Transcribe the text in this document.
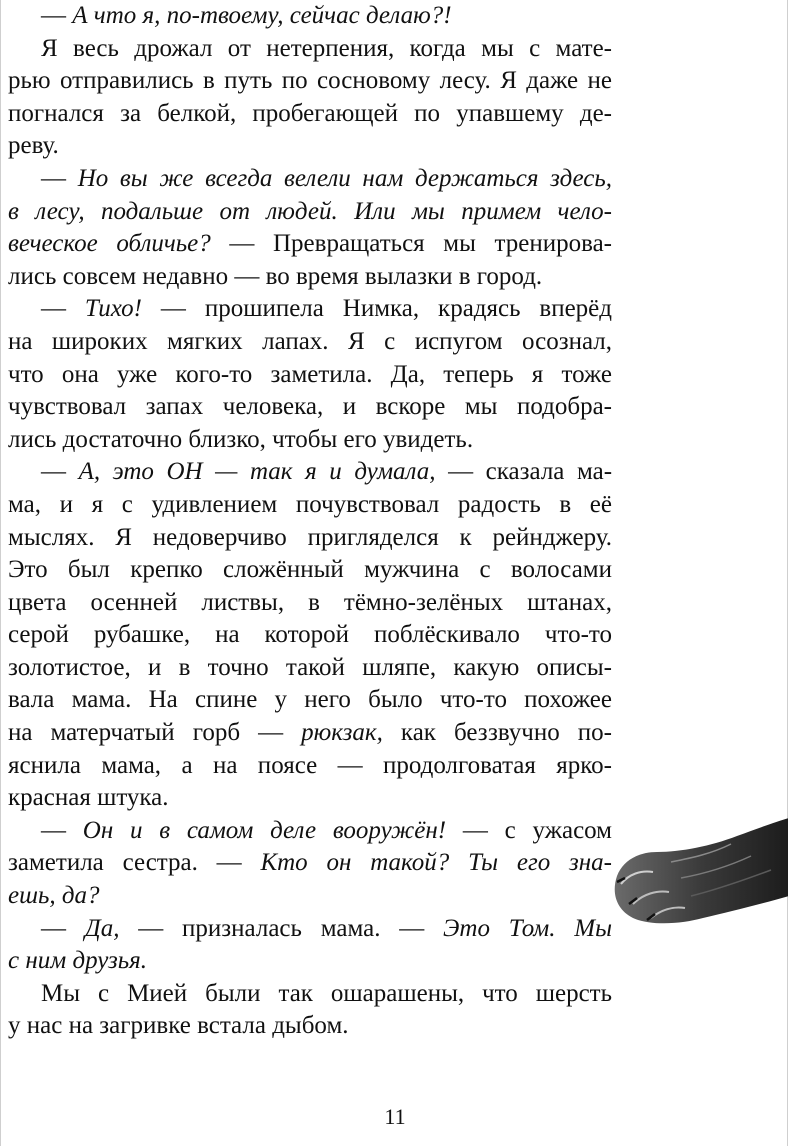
— А что я, по-твоему, сейчас делаю?!
Я весь дрожал от нетерпения, когда мы с мате-
рью отправились в путь по сосновому лесу. Я даже не
погнался за белкой, пробегающей по упавшему де-
реву.
— Но вы же всегда велели нам держаться здесь,
в лесу, подальше от людей. Или мы примем чело-
веческое обличье? — Превращаться мы тренирова-
лись совсем недавно — во время вылазки в город.
— Тихо! — прошипела Нимка, крадясь вперёд
на широких мягких лапах. Я с испугом осознал,
что она уже кого-то заметила. Да, теперь я тоже
чувствовал запах человека, и вскоре мы подобра-
лись достаточно близко, чтобы его увидеть.
— А, это ОН — так я и думала, — сказала ма-
ма, и я с удивлением почувствовал радость в её
мыслях. Я недоверчиво пригляделся к рейнджеру.
Это был крепко сложённый мужчина с волосами
цвета осенней листвы, в тёмно-зелёных штанах,
серой рубашке, на которой поблёскивало что-то
золотистое, и в точно такой шляпе, какую описы-
вала мама. На спине у него было что-то похожее
на матерчатый горб — рюкзак, как беззвучно по-
яснила мама, а на поясе — продолговатая ярко-
красная штука.
— Он и в самом деле вооружён! — с ужасом
заметила сестра. — Кто он такой? Ты его зна-
ешь, да?
— Да, — призналась мама. — Это Том. Мы
с ним друзья.
Мы с Мией были так ошарашены, что шерсть
у нас на загривке встала дыбом.
11
